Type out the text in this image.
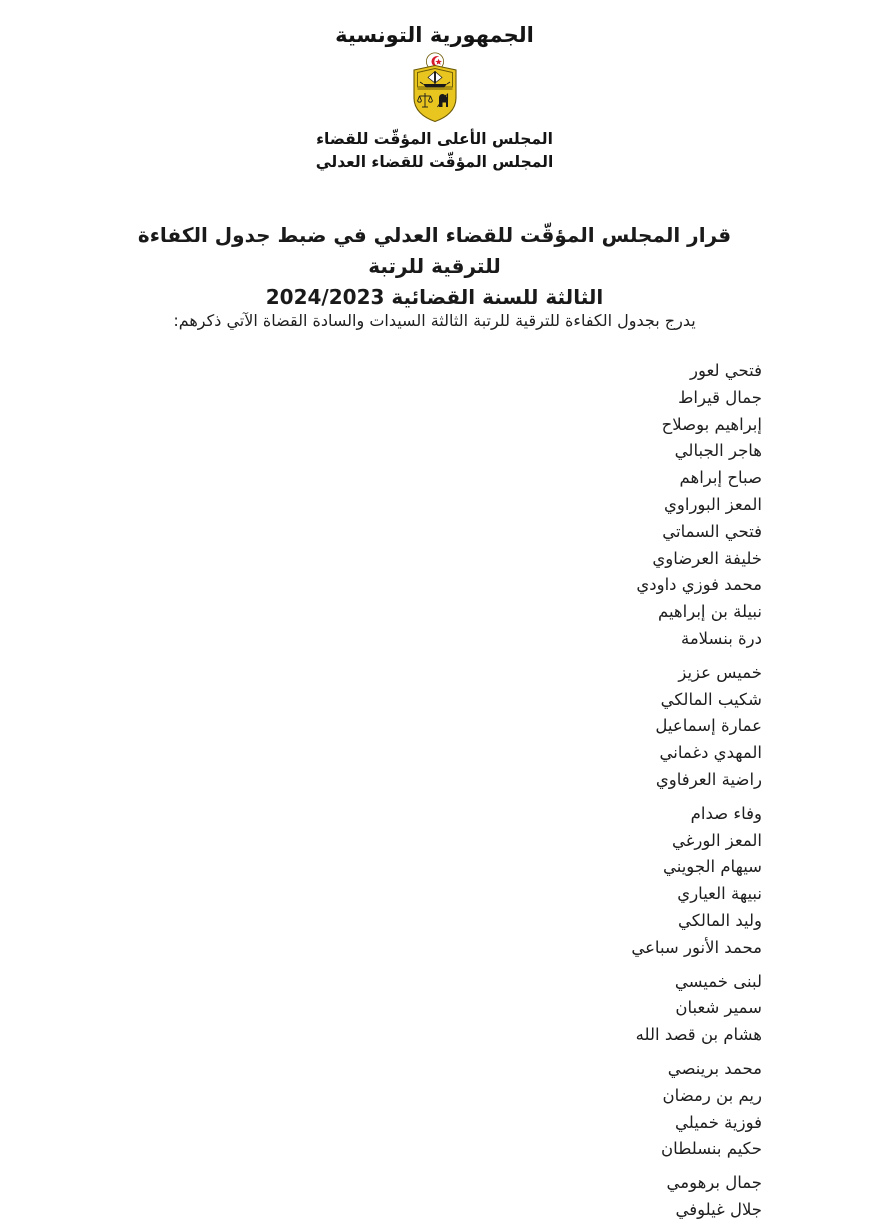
الجمهورية التونسية
المجلس الأعلى المؤقّت للقضاء
المجلس المؤقّت للقضاء العدلي
قرار المجلس المؤقّت للقضاء العدلي في ضبط جدول الكفاءة للترقية للرتبة
الثالثة للسنة القضائية 2024/2023
يدرج بجدول الكفاءة للترقية للرتبة الثالثة السيدات والسادة القضاة الآتي ذكرهم:
فتحي لعور
جمال قيراط
إبراهيم بوصلاح
هاجر الجبالي
صباح إبراهم
المعز البوراوي
فتحي السماتي
خليفة العرضاوي
محمد فوزي داودي
نبيلة بن إبراهيم
درة بنسلامة
خميس عزيز
شكيب المالكي
عمارة إسماعيل
المهدي دغماني
راضية العرفاوي
وفاء صدام
المعز الورغي
سيهام الجويني
نبيهة العياري
وليد المالكي
محمد الأنور سباعي
لبنى خميسي
سمير شعبان
هشام بن قصد الله
محمد برينصي
ريم بن رمضان
فوزية خميلي
حكيم بنسلطان
جمال برهومي
جلال غيلوفي
